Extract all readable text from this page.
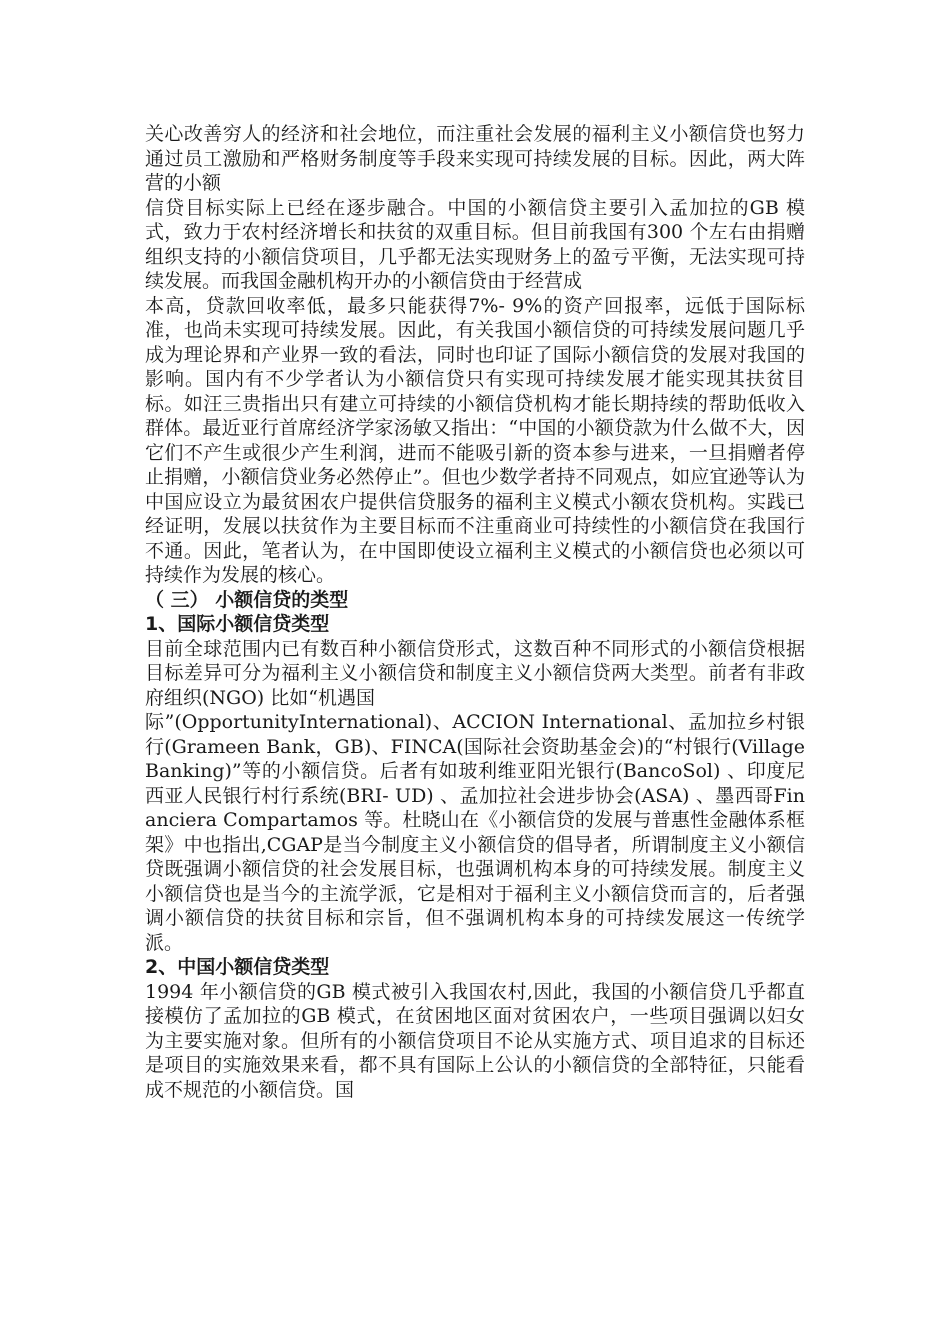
关心改善穷人的经济和社会地位，而注重社会发展的福利主义小额信贷也努力通过员工激励和严格财务制度等手段来实现可持续发展的目标。因此，两大阵营的小额

信贷目标实际上已经在逐步融合。中国的小额信贷主要引入孟加拉的GB 模式，致力于农村经济增长和扶贫的双重目标。但目前我国有300 个左右由捐赠组织支持的小额信贷项目，几乎都无法实现财务上的盈亏平衡，无法实现可持续发展。而我国金融机构开办的小额信贷由于经营成

本高，贷款回收率低，最多只能获得7%- 9%的资产回报率，远低于国际标准，也尚未实现可持续发展。因此，有关我国小额信贷的可持续发展问题几乎成为理论界和产业界一致的看法，同时也印证了国际小额信贷的发展对我国的影响。国内有不少学者认为小额信贷只有实现可持续发展才能实现其扶贫目标。如汪三贵指出只有建立可持续的小额信贷机构才能长期持续的帮助低收入群体。最近亚行首席经济学家汤敏又指出：“中国的小额贷款为什么做不大，因它们不产生或很少产生利润，进而不能吸引新的资本参与进来，一旦捐赠者停止捐赠，小额信贷业务必然停止”。但也少数学者持不同观点，如应宜逊等认为中国应设立为最贫困农户提供信贷服务的福利主义模式小额农贷机构。实践已经证明，发展以扶贫作为主要目标而不注重商业可持续性的小额信贷在我国行不通。因此，笔者认为，在中国即使设立福利主义模式的小额信贷也必须以可持续作为发展的核心。

（ 三） 小额信贷的类型
1、国际小额信贷类型

目前全球范围内已有数百种小额信贷形式，这数百种不同形式的小额信贷根据目标差异可分为福利主义小额信贷和制度主义小额信贷两大类型。前者有非政府组织(NGO) 比如“机遇国

际”(OpportunityInternational)、ACCION International、孟加拉乡村银行(Grameen Bank，GB)、FINCA(国际社会资助基金会)的“村银行(Village Banking)”等的小额信贷。后者有如玻利维亚阳光银行(BancoSol) 、印度尼西亚人民银行村行系统(BRI- UD) 、孟加拉社会进步协会(ASA) 、墨西哥Financiera Compartamos 等。杜晓山在《小额信贷的发展与普惠性金融体系框架》中也指出,CGAP是当今制度主义小额信贷的倡导者，所谓制度主义小额信贷既强调小额信贷的社会发展目标，也强调机构本身的可持续发展。制度主义小额信贷也是当今的主流学派，它是相对于福利主义小额信贷而言的，后者强调小额信贷的扶贫目标和宗旨，但不强调机构本身的可持续发展这一传统学派。

2、中国小额信贷类型

1994 年小额信贷的GB 模式被引入我国农村,因此，我国的小额信贷几乎都直接模仿了孟加拉的GB 模式，在贫困地区面对贫困农户，一些项目强调以妇女为主要实施对象。但所有的小额信贷项目不论从实施方式、项目追求的目标还是项目的实施效果来看，都不具有国际上公认的小额信贷的全部特征，只能看成不规范的小额信贷。国
